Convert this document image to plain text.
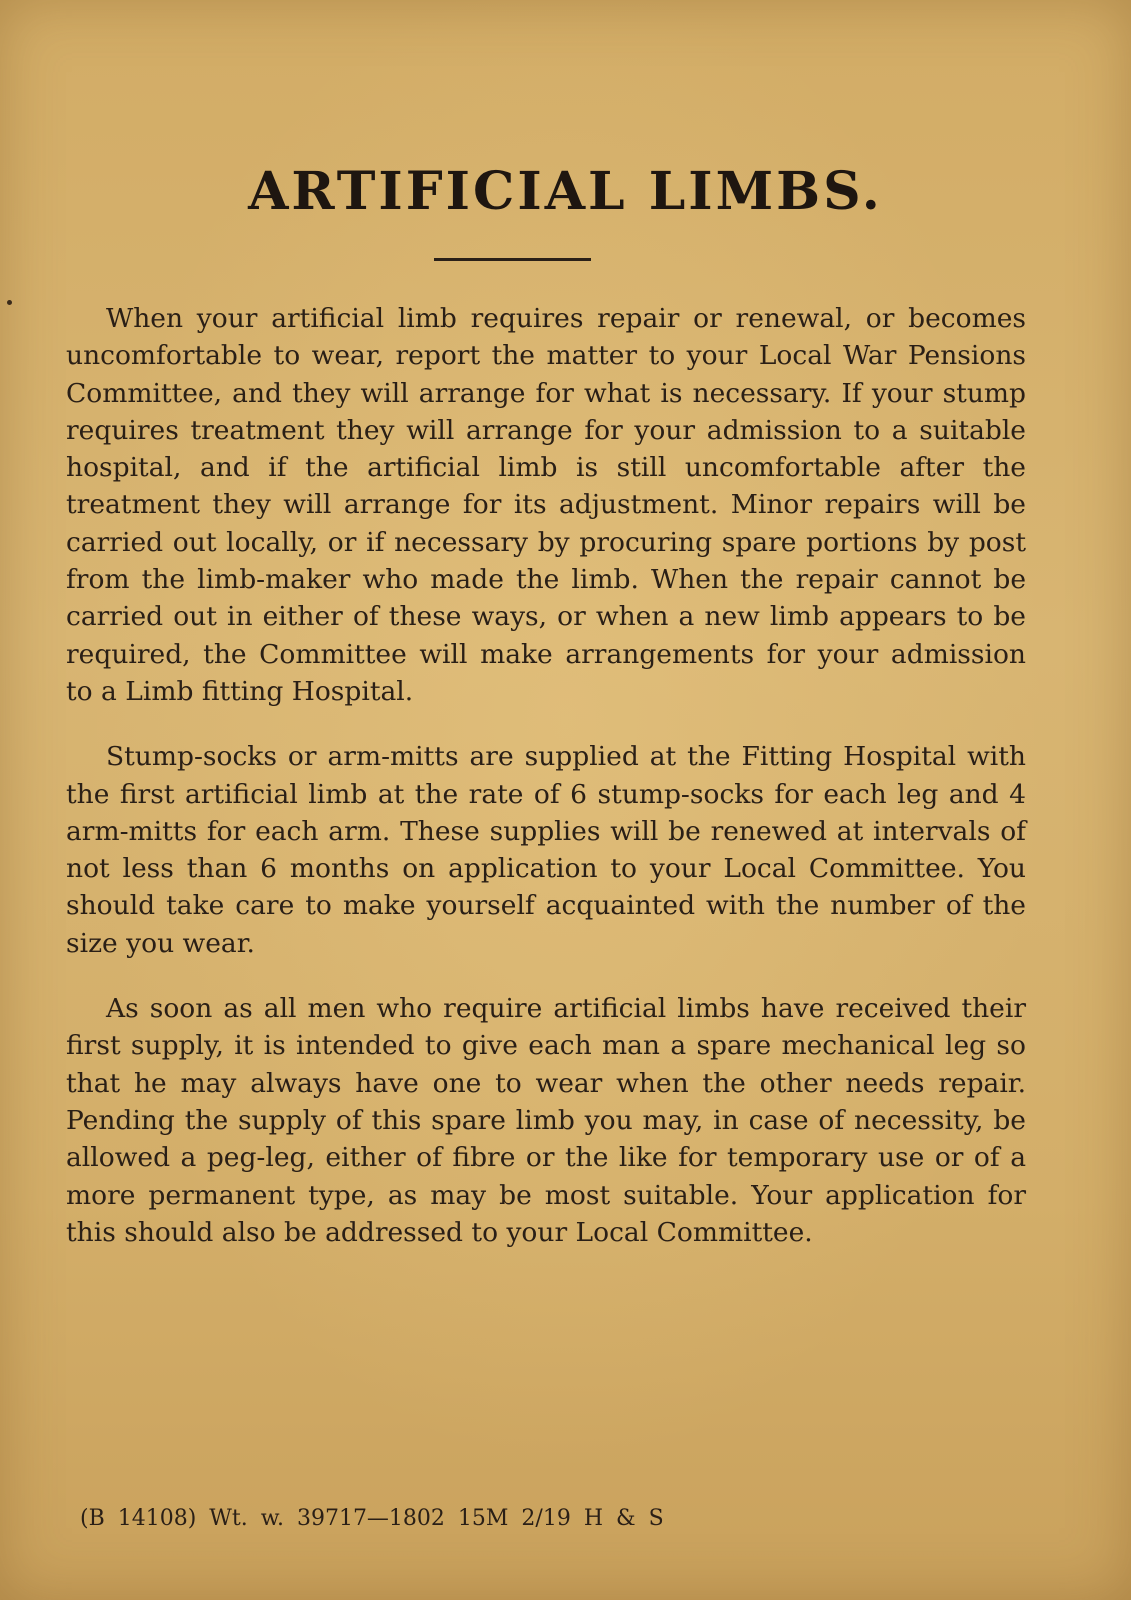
ARTIFICIAL LIMBS.

When your artificial limb requires repair or renewal, or becomes uncomfortable to wear, report the matter to your Local War Pensions Committee, and they will arrange for what is necessary. If your stump requires treatment they will arrange for your admission to a suitable hospital, and if the artificial limb is still uncomfortable after the treatment they will arrange for its adjustment. Minor repairs will be carried out locally, or if necessary by procuring spare portions by post from the limb-maker who made the limb. When the repair cannot be carried out in either of these ways, or when a new limb appears to be required, the Committee will make arrangements for your admission to a Limb fitting Hospital.

Stump-socks or arm-mitts are supplied at the Fitting Hospital with the first artificial limb at the rate of 6 stump-socks for each leg and 4 arm-mitts for each arm. These supplies will be renewed at intervals of not less than 6 months on application to your Local Committee. You should take care to make yourself acquainted with the number of the size you wear.

As soon as all men who require artificial limbs have received their first supply, it is intended to give each man a spare mechanical leg so that he may always have one to wear when the other needs repair. Pending the supply of this spare limb you may, in case of necessity, be allowed a peg-leg, either of fibre or the like for temporary use or of a more permanent type, as may be most suitable. Your application for this should also be addressed to your Local Committee.

(B 14108) Wt. w. 39717—1802 15M 2/19 H & S
